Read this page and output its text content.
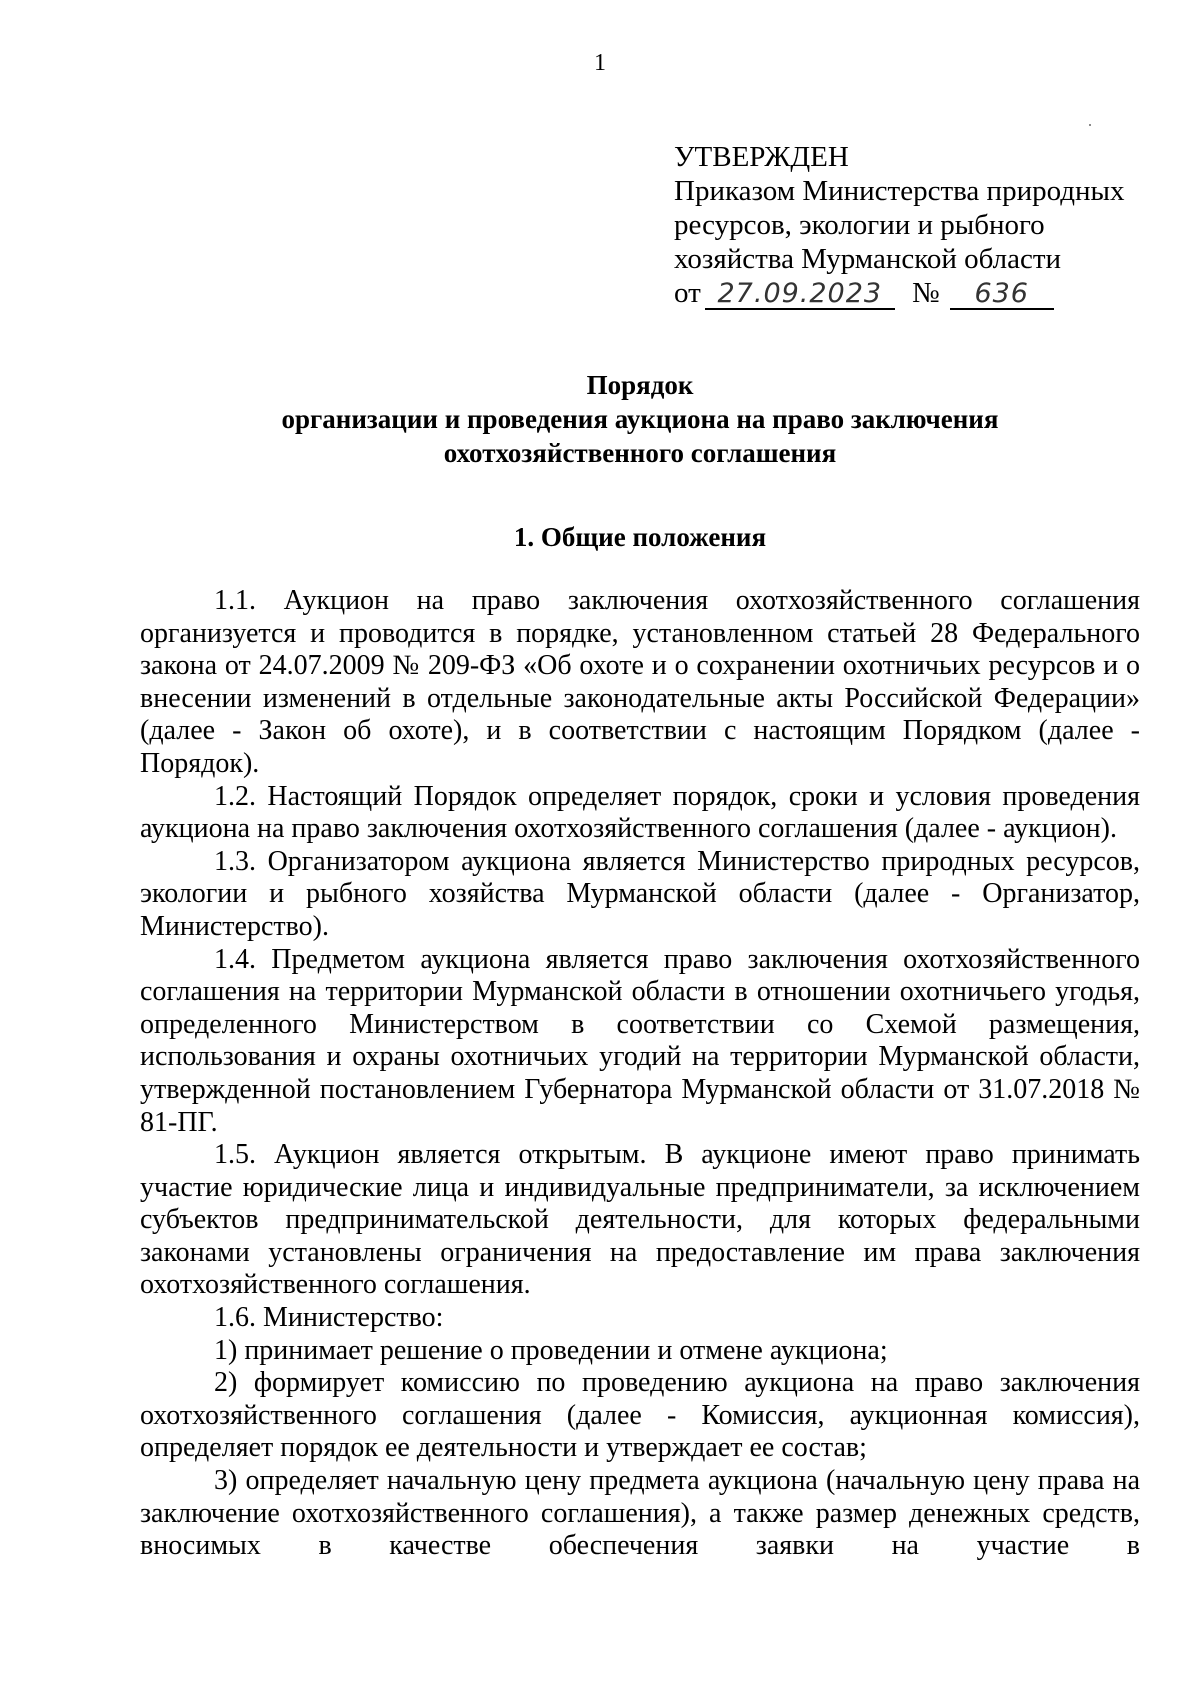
1
УТВЕРЖДЕН
Приказом Министерства природных
ресурсов, экологии и рыбного
хозяйства Мурманской области
от 27.09.2023 № 636
Порядок
организации и проведения аукциона на право заключения
охотхозяйственного соглашения
1. Общие положения

1.1. Аукцион на право заключения охотхозяйственного соглашения организуется и проводится в порядке, установленном статьей 28 Федерального закона от 24.07.2009 № 209-ФЗ «Об охоте и о сохранении охотничьих ресурсов и о внесении изменений в отдельные законодательные акты Российской Федерации» (далее - Закон об охоте), и в соответствии с настоящим Порядком (далее - Порядок).

1.2. Настоящий Порядок определяет порядок, сроки и условия проведения аукциона на право заключения охотхозяйственного соглашения (далее - аукцион).

1.3. Организатором аукциона является Министерство природных ресурсов, экологии и рыбного хозяйства Мурманской области (далее - Организатор, Министерство).

1.4. Предметом аукциона является право заключения охотхозяйственного соглашения на территории Мурманской области в отношении охотничьего угодья, определенного Министерством в соответствии со Схемой размещения, использования и охраны охотничьих угодий на территории Мурманской области, утвержденной постановлением Губернатора Мурманской области от 31.07.2018 № 81-ПГ.

1.5. Аукцион является открытым. В аукционе имеют право принимать участие юридические лица и индивидуальные предприниматели, за исключением субъектов предпринимательской деятельности, для которых федеральными законами установлены ограничения на предоставление им права заключения охотхозяйственного соглашения.

1.6. Министерство:

1) принимает решение о проведении и отмене аукциона;

2) формирует комиссию по проведению аукциона на право заключения охотхозяйственного соглашения (далее - Комиссия, аукционная комиссия), определяет порядок ее деятельности и утверждает ее состав;

3) определяет начальную цену предмета аукциона (начальную цену права на заключение охотхозяйственного соглашения), а также размер денежных средств, вносимых в качестве обеспечения заявки на участие в
